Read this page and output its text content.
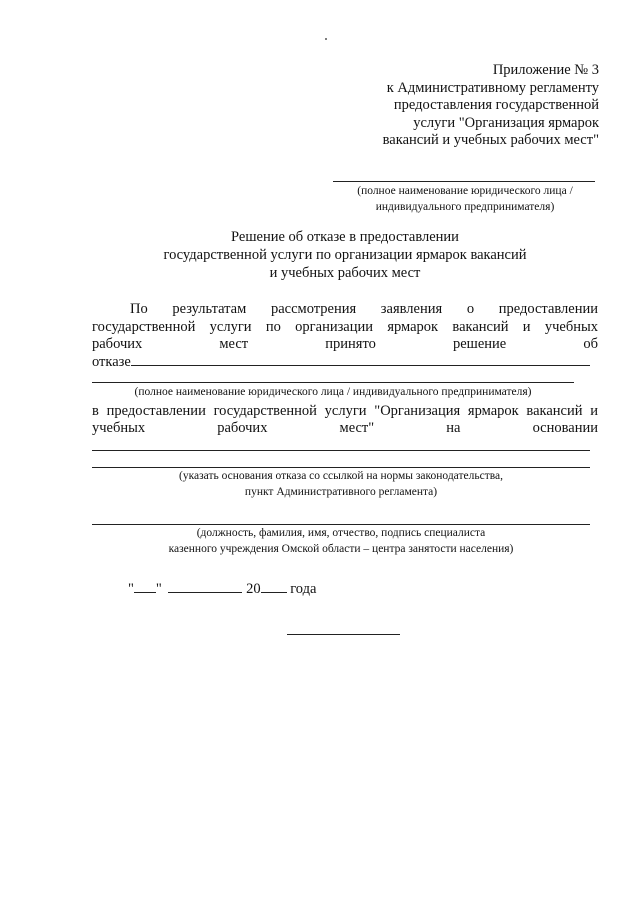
Приложение № 3
к Административному регламенту
предоставления государственной
услуги "Организация ярмарок
вакансий и учебных рабочих мест"
(полное наименование юридического лица /
индивидуального предпринимателя)
Решение об отказе в предоставлении
государственной услуги по организации ярмарок вакансий
и учебных рабочих мест
По результатам рассмотрения заявления о предоставлении
государственной услуги по организации ярмарок вакансий и учебных
рабочих мест принято решение об
отказе
(полное наименование юридического лица / индивидуального предпринимателя)
в предоставлении государственной услуги "Организация ярмарок вакансий и
учебных рабочих мест" на основании
(указать основания отказа со ссылкой на нормы законодательства,
пункт Административного регламента)
(должность, фамилия, имя, отчество, подпись специалиста
казенного учреждения Омской области – центра занятости населения)
" "	20 года
